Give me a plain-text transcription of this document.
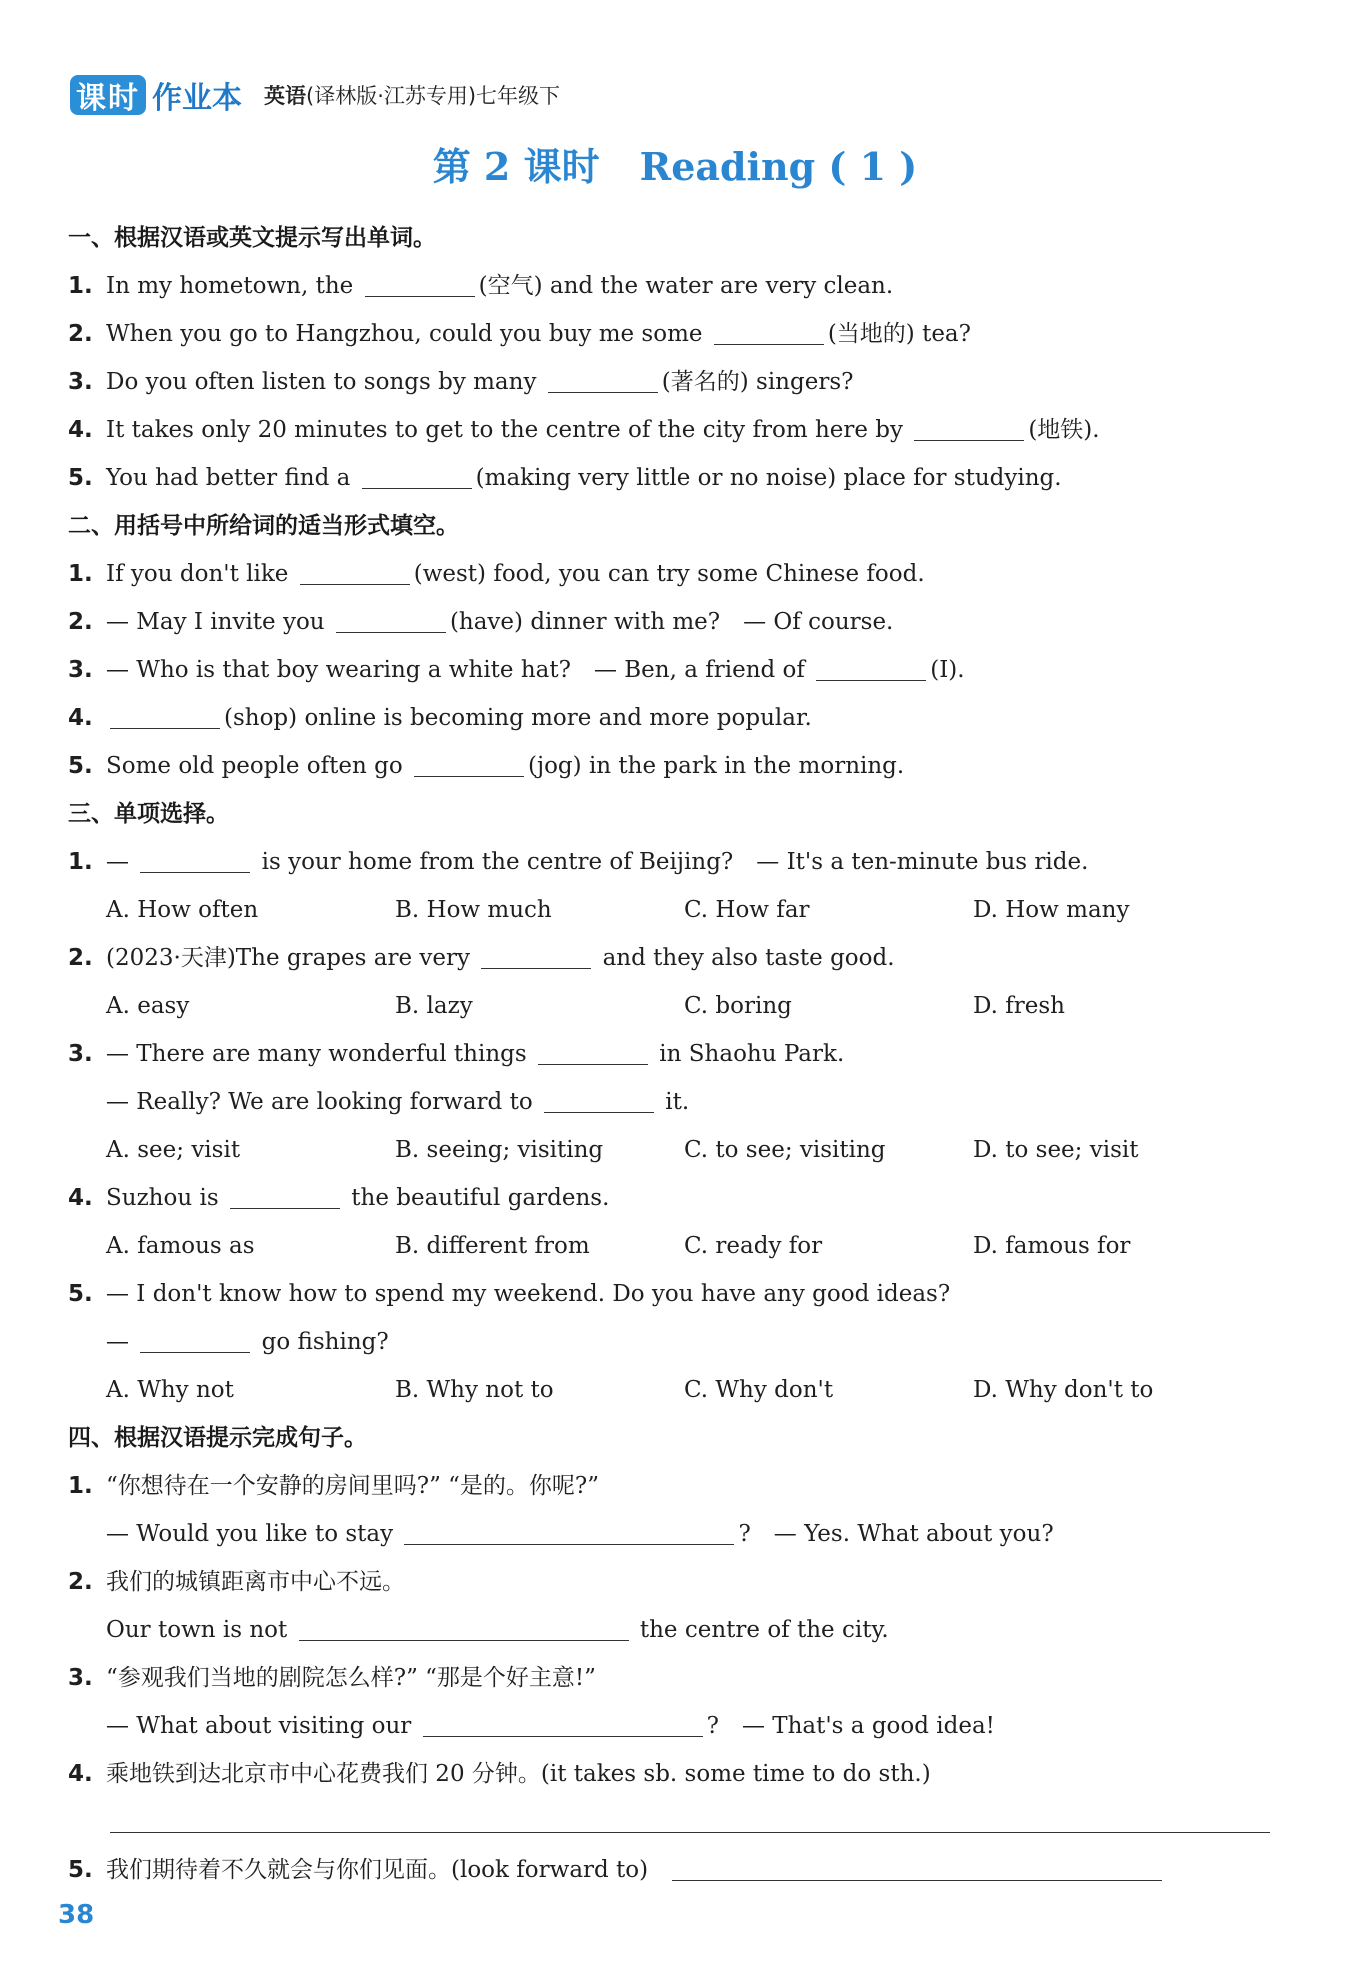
课时 作业本 英语(译林版·江苏专用)七年级下
第 2 课时 Reading ( 1 )
一、根据汉语或英文提示写出单词。
1. In my hometown, the	(空气) and the water are very clean.
2. When you go to Hangzhou, could you buy me some	(当地的) tea?
3. Do you often listen to songs by many	(著名的) singers?
4. It takes only 20 minutes to get to the centre of the city from here by	(地铁).
5. You had better find a	(making very little or no noise) place for studying.
二、用括号中所给词的适当形式填空。
1. If you don't like	(west) food, you can try some Chinese food.
2. — May I invite you	(have) dinner with me?　— Of course.
3. — Who is that boy wearing a white hat?　— Ben, a friend of	(I).
4.	(shop) online is becoming more and more popular.
5. Some old people often go	(jog) in the park in the morning.
三、单项选择。
1. —	is your home from the centre of Beijing?　— It's a ten-minute bus ride.
A. How often	B. How much	C. How far	D. How many
2. (2023·天津)The grapes are very	and they also taste good.
A. easy	B. lazy	C. boring	D. fresh
3. — There are many wonderful things	in Shaohu Park.
— Really? We are looking forward to	it.
A. see; visit	B. seeing; visiting	C. to see; visiting	D. to see; visit
4. Suzhou is	the beautiful gardens.
A. famous as	B. different from	C. ready for	D. famous for
5. — I don't know how to spend my weekend. Do you have any good ideas?
—	go fishing?
A. Why not	B. Why not to	C. Why don't	D. Why don't to
四、根据汉语提示完成句子。
1. “你想待在一个安静的房间里吗?” “是的。你呢?”
— Would you like to stay	?　— Yes. What about you?
2. 我们的城镇距离市中心不远。
Our town is not	the centre of the city.
3. “参观我们当地的剧院怎么样?” “那是个好主意!”
— What about visiting our	?　— That's a good idea!
4. 乘地铁到达北京市中心花费我们 20 分钟。(it takes sb. some time to do sth.)
5. 我们期待着不久就会与你们见面。(look forward to)
38
